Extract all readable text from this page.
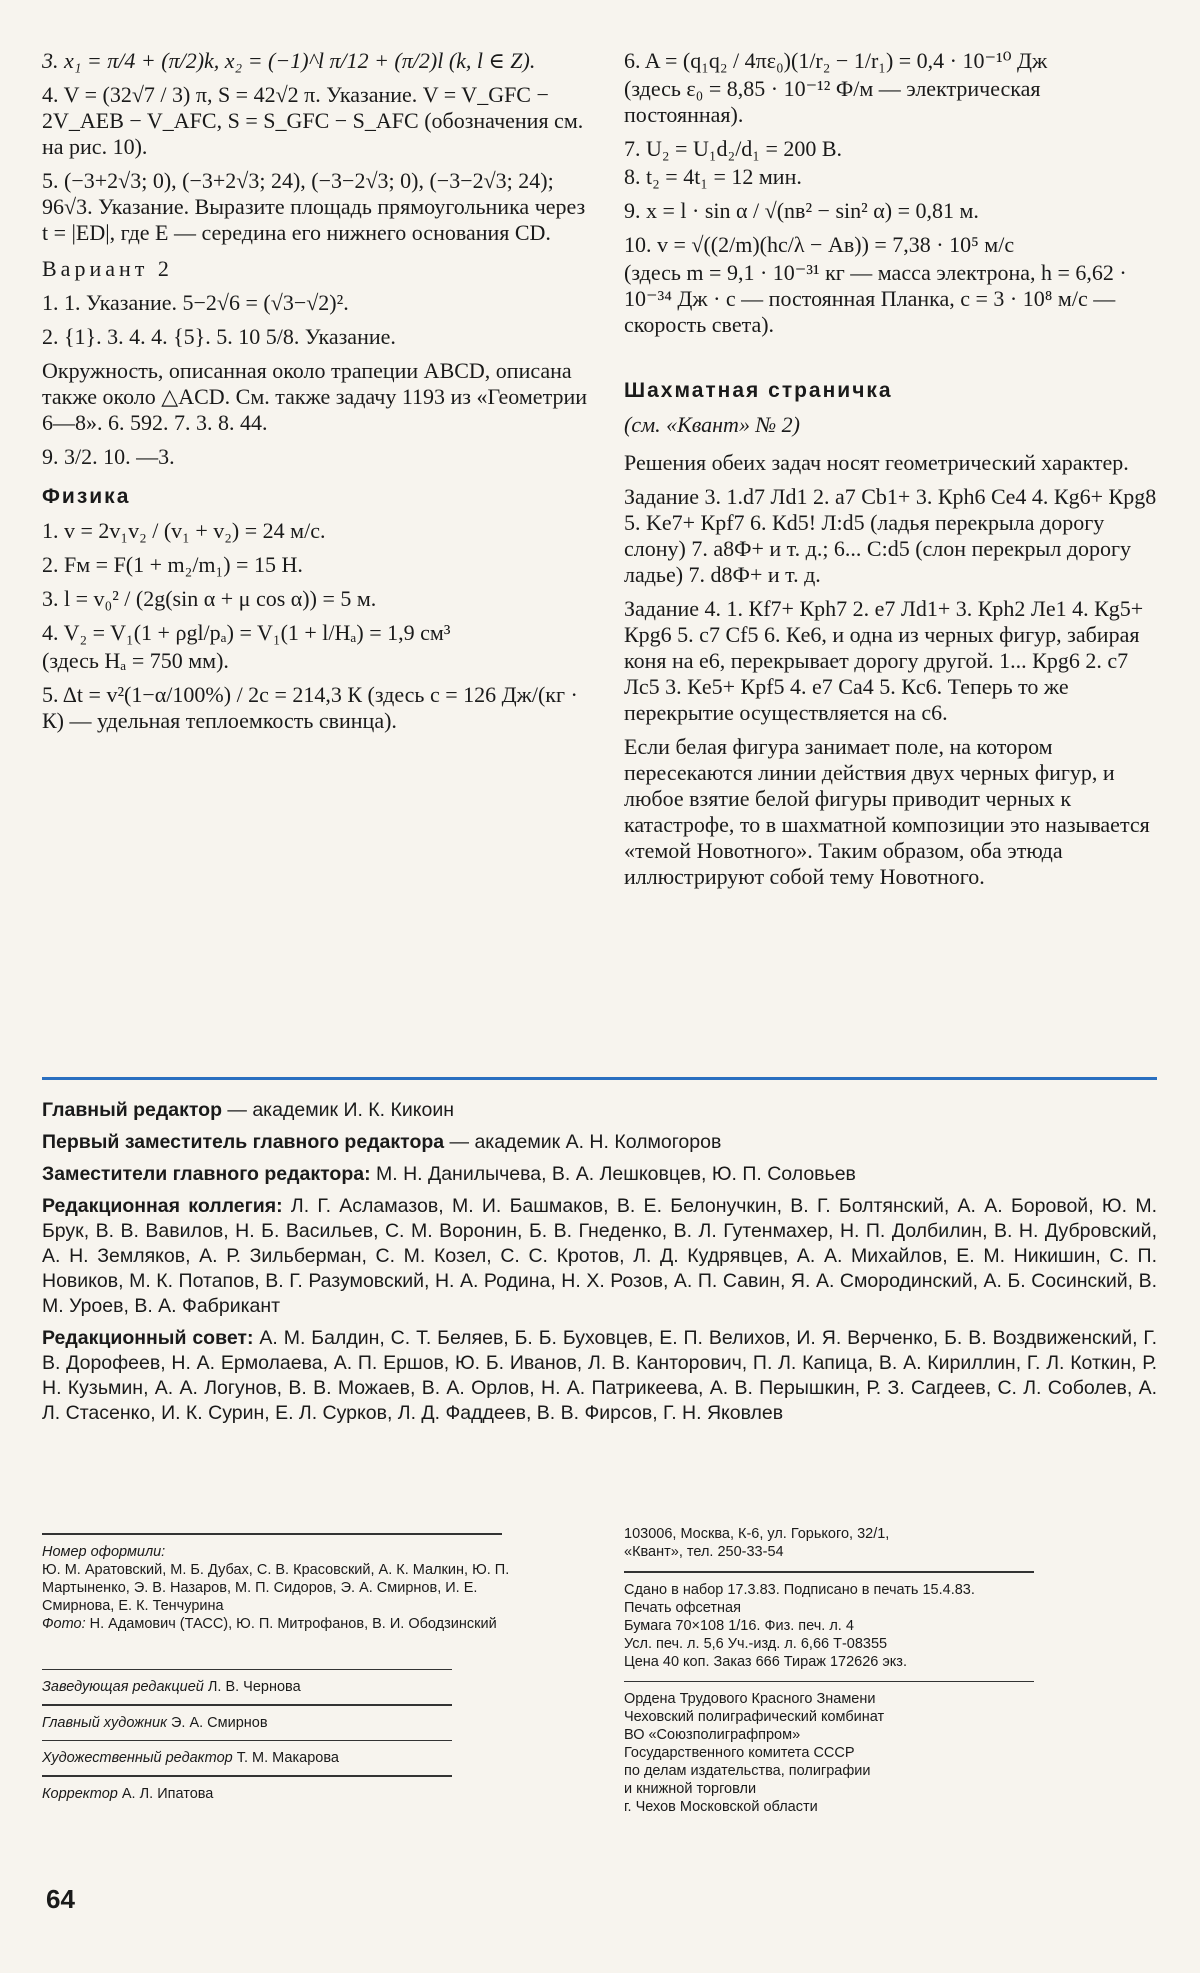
3. x₁ = π/4 + (π/2)k, x₂ = (−1)^l π/12 + (π/2)l (k, l ∈ Z).

4. V = (32√7 / 3) π, S = 42√2 π. Указание. V = V_GFC − 2V_AEB − V_AFC, S = S_GFC − S_AFC (обозначения см. на рис. 10).

5. (−3+2√3; 0), (−3+2√3; 24), (−3−2√3; 0), (−3−2√3; 24); 96√3. Указание. Выразите площадь прямоугольника через t = |ED|, где E — середина его нижнего основания CD.

Вариант 2

1. 1. Указание. 5−2√6 = (√3−√2)².

2. {1}. 3. 4. 4. {5}. 5. 10 5/8. Указание.

Окружность, описанная около трапеции ABCD, описана также около △ACD. См. также задачу 1193 из «Геометрии 6—8». 6. 592. 7. 3. 8. 44.

9. 3/2. 10. —3.

Физика

1. v = 2v₁v₂ / (v₁ + v₂) = 24 м/с.

2. Fм = F(1 + m₂/m₁) = 15 Н.

3. l = v₀² / (2g(sin α + μ cos α)) = 5 м.

4. V₂ = V₁(1 + ρgl/pₐ) = V₁(1 + l/Hₐ) = 1,9 см³

(здесь Hₐ = 750 мм).

5. Δt = v²(1−α/100%) / 2c = 214,3 К (здесь c = 126 Дж/(кг · К) — удельная теплоемкость свинца).

6. A = (q₁q₂ / 4πε₀)(1/r₂ − 1/r₁) = 0,4 · 10⁻¹⁰ Дж

(здесь ε₀ = 8,85 · 10⁻¹² Ф/м — электрическая постоянная).

7. U₂ = U₁d₂/d₁ = 200 В.

8. t₂ = 4t₁ = 12 мин.

9. x = l · sin α / √(nв² − sin² α) = 0,81 м.

10. v = √((2/m)(hc/λ − Aв)) = 7,38 · 10⁵ м/с

(здесь m = 9,1 · 10⁻³¹ кг — масса электрона, h = 6,62 · 10⁻³⁴ Дж · с — постоянная Планка, c = 3 · 10⁸ м/с — скорость света).

Шахматная страничка
(см. «Квант» № 2)

Решения обеих задач носят геометрический характер.

Задание 3. 1.d7 Лd1 2. a7 Cb1+ 3. Крh6 Ce4 4. Кg6+ Крg8 5. Ke7+ Крf7 6. Кd5! Л:d5 (ладья перекрыла дорогу слону) 7. a8Ф+ и т. д.; 6... С:d5 (слон перекрыл дорогу ладье) 7. d8Ф+ и т. д.

Задание 4. 1. Кf7+ Крh7 2. e7 Лd1+ 3. Крh2 Лe1 4. Кg5+ Крg6 5. c7 Cf5 6. Кe6, и одна из черных фигур, забирая коня на e6, перекрывает дорогу другой. 1... Крg6 2. c7 Лc5 3. Кe5+ Крf5 4. e7 Ca4 5. Кc6. Теперь то же перекрытие осуществляется на c6.

Если белая фигура занимает поле, на котором пересекаются линии действия двух черных фигур, и любое взятие белой фигуры приводит черных к катастрофе, то в шахматной композиции это называется «темой Новотного». Таким образом, оба этюда иллюстрируют собой тему Новотного.

Главный редактор — академик И. К. Кикоин
Первый заместитель главного редактора — академик А. Н. Колмогоров
Заместители главного редактора: М. Н. Данилычева, В. А. Лешковцев, Ю. П. Соловьев
Редакционная коллегия: Л. Г. Асламазов, М. И. Башмаков, В. Е. Белонучкин, В. Г. Болтянский, А. А. Боровой, Ю. М. Брук, В. В. Вавилов, Н. Б. Васильев, С. М. Воронин, Б. В. Гнеденко, В. Л. Гутенмахер, Н. П. Долбилин, В. Н. Дубровский, А. Н. Земляков, А. Р. Зильберман, С. М. Козел, С. С. Кротов, Л. Д. Кудрявцев, А. А. Михайлов, Е. М. Никишин, С. П. Новиков, М. К. Потапов, В. Г. Разумовский, Н. А. Родина, Н. Х. Розов, А. П. Савин, Я. А. Смородинский, А. Б. Сосинский, В. М. Уроев, В. А. Фабрикант
Редакционный совет: А. М. Балдин, С. Т. Беляев, Б. Б. Буховцев, Е. П. Велихов, И. Я. Верченко, Б. В. Воздвиженский, Г. В. Дорофеев, Н. А. Ермолаева, А. П. Ершов, Ю. Б. Иванов, Л. В. Канторович, П. Л. Капица, В. А. Кириллин, Г. Л. Коткин, Р. Н. Кузьмин, А. А. Логунов, В. В. Можаев, В. А. Орлов, Н. А. Патрикеева, А. В. Перышкин, Р. З. Сагдеев, С. Л. Соболев, А. Л. Стасенко, И. К. Сурин, Е. Л. Сурков, Л. Д. Фаддеев, В. В. Фирсов, Г. Н. Яковлев
Номер оформили:
Ю. М. Аратовский, М. Б. Дубах, С. В. Красовский, А. К. Малкин, Ю. П. Мартыненко, Э. В. Назаров, М. П. Сидоров, Э. А. Смирнов, И. Е. Смирнова, Е. К. Тенчурина
Фото: Н. Адамович (ТАСС), Ю. П. Митрофанов, В. И. Ободзинский
Заведующая редакцией Л. В. Чернова
Главный художник Э. А. Смирнов
Художественный редактор Т. М. Макарова
Корректор А. Л. Ипатова
103006, Москва, К-6, ул. Горького, 32/1,
«Квант», тел. 250-33-54
Сдано в набор 17.3.83. Подписано в печать 15.4.83.
Печать офсетная
Бумага 70×108 1/16. Физ. печ. л. 4
Усл. печ. л. 5,6 Уч.-изд. л. 6,66 Т-08355
Цена 40 коп. Заказ 666 Тираж 172626 экз.
Ордена Трудового Красного Знамени
Чеховский полиграфический комбинат
ВО «Союзполиграфпром»
Государственного комитета СССР
по делам издательства, полиграфии
и книжной торговли
г. Чехов Московской области
64
